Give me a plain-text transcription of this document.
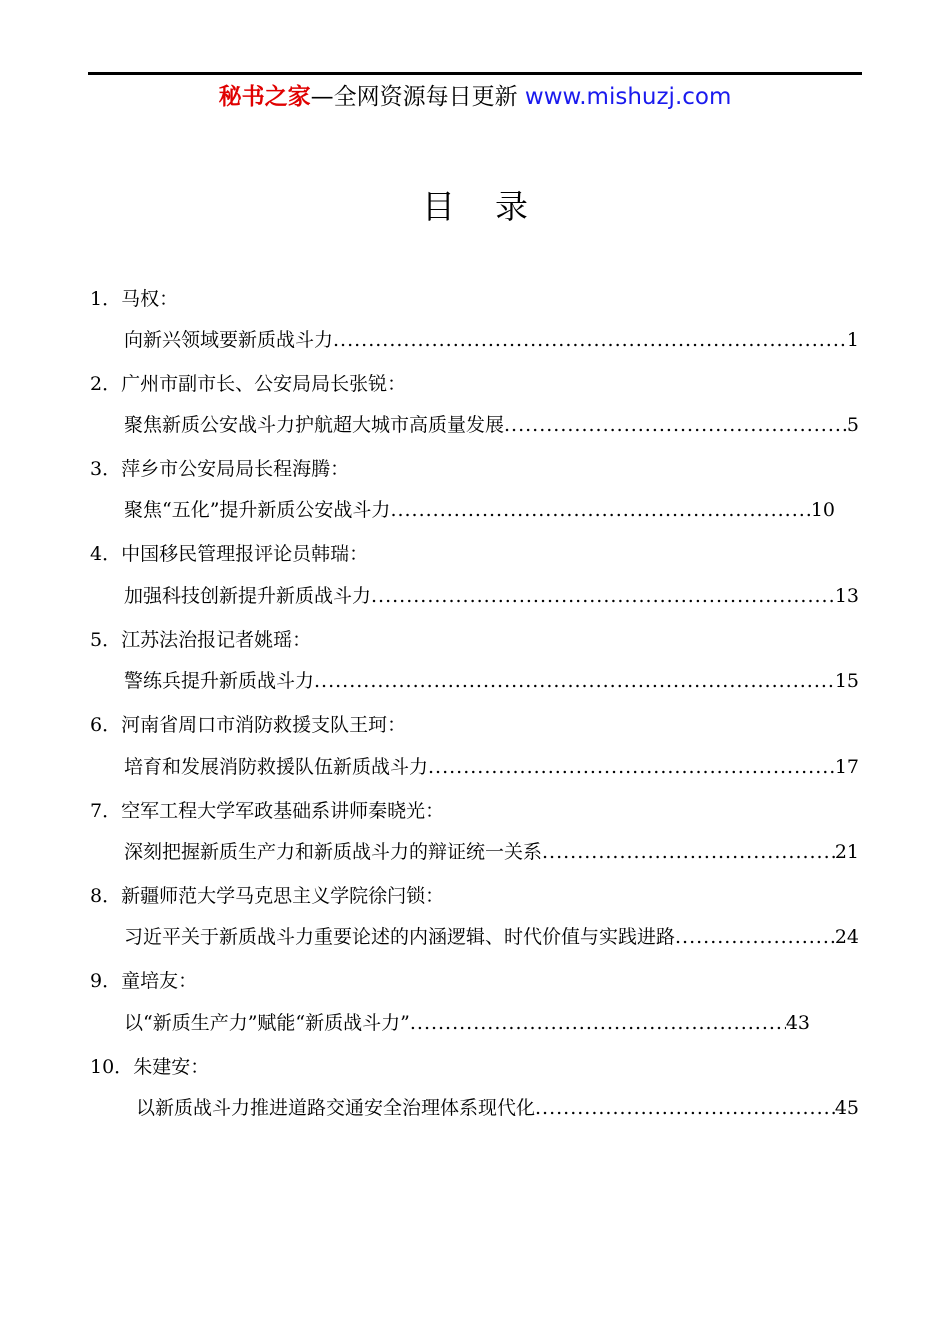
秘书之家—全网资源每日更新 www.mishuzj.com
目录
1．马权：
向新兴领域要新质战斗力 .....	1
2．广州市副市长、公安局局长张锐：
聚焦新质公安战斗力护航超大城市高质量发展 .....	5
3．萍乡市公安局局长程海腾：
聚焦“五化”提升新质公安战斗力 .....	10
4．中国移民管理报评论员韩瑞：
加强科技创新提升新质战斗力 .....	13
5．江苏法治报记者姚瑶：
警练兵提升新质战斗力 .....	15
6．河南省周口市消防救援支队王珂：
培育和发展消防救援队伍新质战斗力 .....	17
7．空军工程大学军政基础系讲师秦晓光：
深刻把握新质生产力和新质战斗力的辩证统一关系 .....	21
8．新疆师范大学马克思主义学院徐闩锁：
习近平关于新质战斗力重要论述的内涵逻辑、时代价值与实践进路 .....	24
9．童培友：
以“新质生产力”赋能“新质战斗力” .....	43
10．朱建安：
以新质战斗力推进道路交通安全治理体系现代化 .....	45
